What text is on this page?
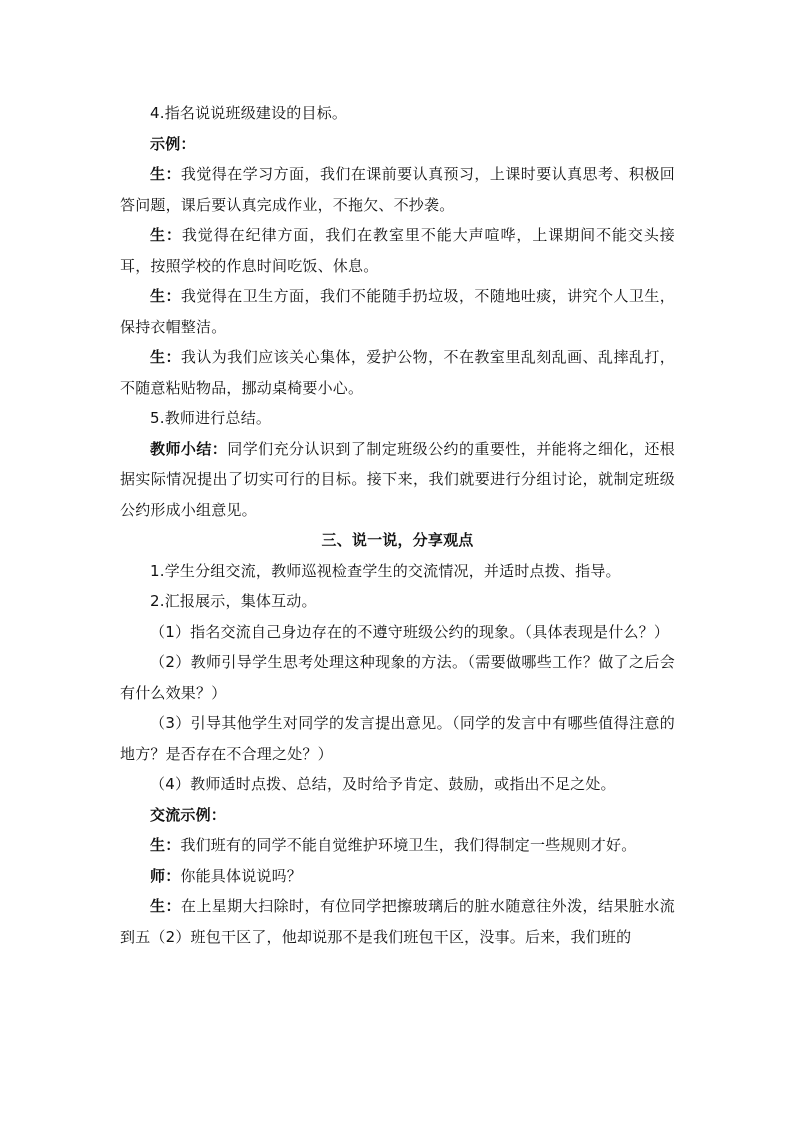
4.指名说说班级建设的目标。

示例：

生：我觉得在学习方面，我们在课前要认真预习，上课时要认真思考、积极回答问题，课后要认真完成作业，不拖欠、不抄袭。

生：我觉得在纪律方面，我们在教室里不能大声喧哗，上课期间不能交头接耳，按照学校的作息时间吃饭、休息。

生：我觉得在卫生方面，我们不能随手扔垃圾，不随地吐痰，讲究个人卫生，保持衣帽整洁。

生：我认为我们应该关心集体，爱护公物，不在教室里乱刻乱画、乱摔乱打，不随意粘贴物品，挪动桌椅要小心。

5.教师进行总结。

教师小结：同学们充分认识到了制定班级公约的重要性，并能将之细化，还根据实际情况提出了切实可行的目标。接下来，我们就要进行分组讨论，就制定班级公约形成小组意见。

三、说一说，分享观点

1.学生分组交流，教师巡视检查学生的交流情况，并适时点拨、指导。

2.汇报展示，集体互动。

（1）指名交流自己身边存在的不遵守班级公约的现象。（具体表现是什么？）

（2）教师引导学生思考处理这种现象的方法。（需要做哪些工作？做了之后会有什么效果？）

（3）引导其他学生对同学的发言提出意见。（同学的发言中有哪些值得注意的地方？是否存在不合理之处？）

（4）教师适时点拨、总结，及时给予肯定、鼓励，或指出不足之处。

交流示例：

生：我们班有的同学不能自觉维护环境卫生，我们得制定一些规则才好。

师：你能具体说说吗？

生：在上星期大扫除时，有位同学把擦玻璃后的脏水随意往外泼，结果脏水流到五（2）班包干区了，他却说那不是我们班包干区，没事。后来，我们班的
